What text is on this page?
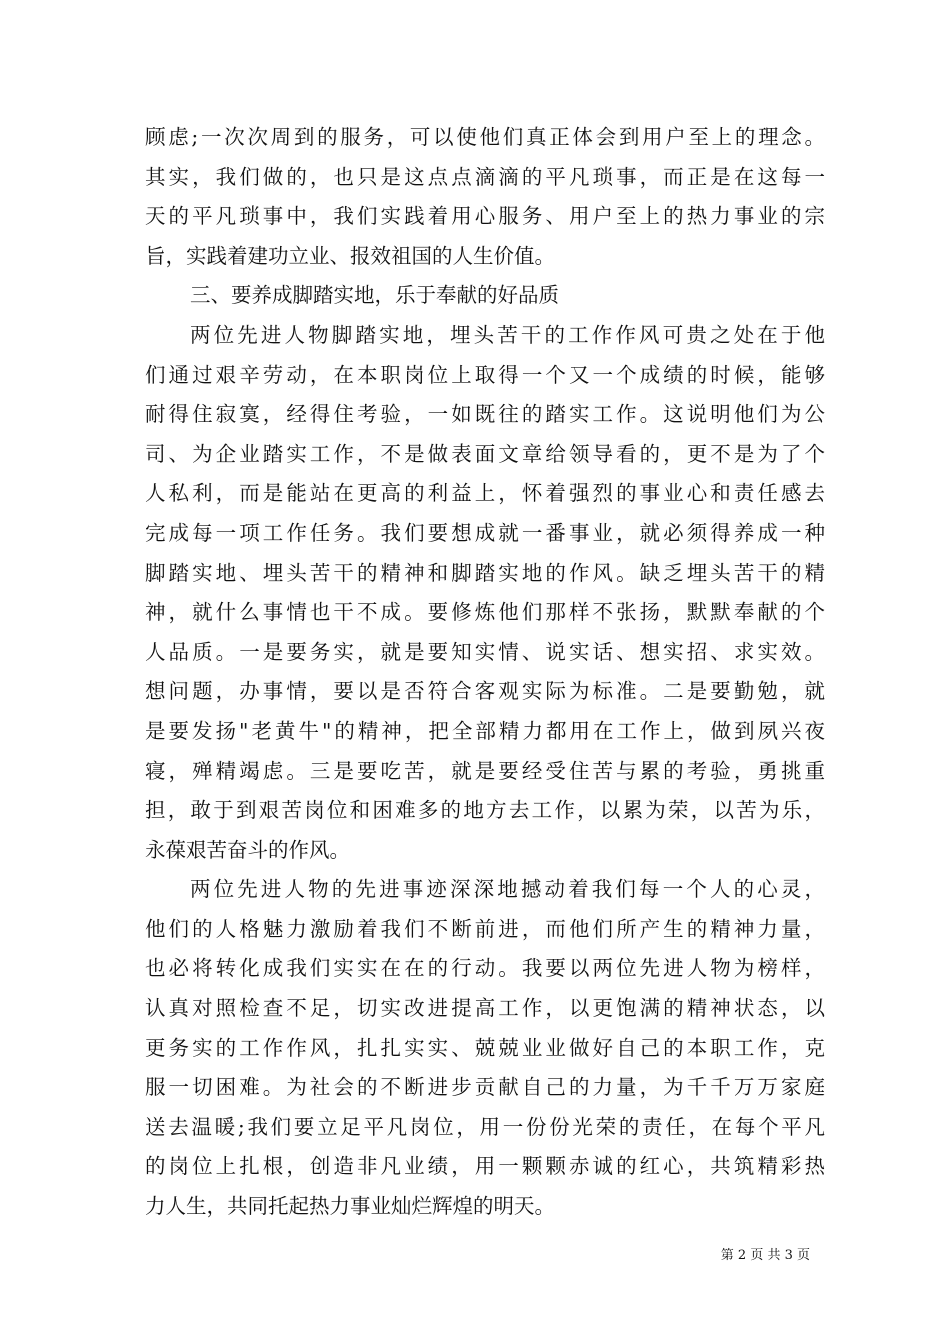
顾虑;一次次周到的服务，可以使他们真正体会到用户至上的理念。
其实，我们做的，也只是这点点滴滴的平凡琐事，而正是在这每一
天的平凡琐事中，我们实践着用心服务、用户至上的热力事业的宗
旨，实践着建功立业、报效祖国的人生价值。
三、要养成脚踏实地，乐于奉献的好品质
两位先进人物脚踏实地，埋头苦干的工作作风可贵之处在于他
们通过艰辛劳动，在本职岗位上取得一个又一个成绩的时候，能够
耐得住寂寞，经得住考验，一如既往的踏实工作。这说明他们为公
司、为企业踏实工作，不是做表面文章给领导看的，更不是为了个
人私利，而是能站在更高的利益上，怀着强烈的事业心和责任感去
完成每一项工作任务。我们要想成就一番事业，就必须得养成一种
脚踏实地、埋头苦干的精神和脚踏实地的作风。缺乏埋头苦干的精
神，就什么事情也干不成。要修炼他们那样不张扬，默默奉献的个
人品质。一是要务实，就是要知实情、说实话、想实招、求实效。
想问题，办事情，要以是否符合客观实际为标准。二是要勤勉，就
是要发扬"老黄牛"的精神，把全部精力都用在工作上，做到夙兴夜
寝，殚精竭虑。三是要吃苦，就是要经受住苦与累的考验，勇挑重
担，敢于到艰苦岗位和困难多的地方去工作，以累为荣，以苦为乐，
永葆艰苦奋斗的作风。
两位先进人物的先进事迹深深地撼动着我们每一个人的心灵，
他们的人格魅力激励着我们不断前进，而他们所产生的精神力量，
也必将转化成我们实实在在的行动。我要以两位先进人物为榜样，
认真对照检查不足，切实改进提高工作，以更饱满的精神状态，以
更务实的工作作风，扎扎实实、兢兢业业做好自己的本职工作，克
服一切困难。为社会的不断进步贡献自己的力量，为千千万万家庭
送去温暖;我们要立足平凡岗位，用一份份光荣的责任，在每个平凡
的岗位上扎根，创造非凡业绩，用一颗颗赤诚的红心，共筑精彩热
力人生，共同托起热力事业灿烂辉煌的明天。
第 2 页 共 3 页
